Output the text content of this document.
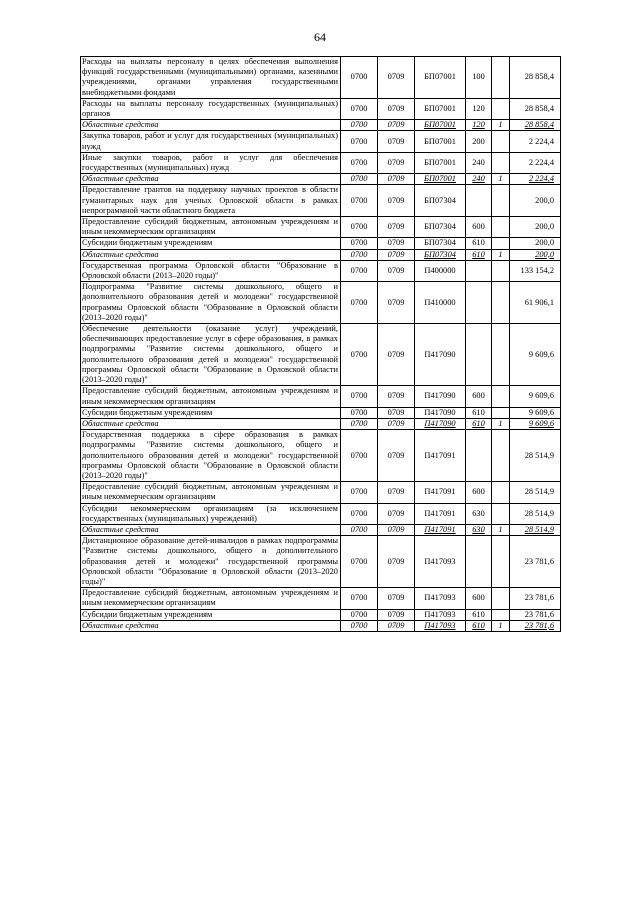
64
Расходы на выплаты персоналу в целях обеспечения выполнения функций государственными (муниципальными) органами, казенными учреждениями, органами управления государственными внебюджетными фондами	0700	0709	БП07001	100		28 858,4
Расходы на выплаты персоналу государственных (муниципальных) органов	0700	0709	БП07001	120		28 858,4
Областные средства	0700	0709	БП07001	120	1	28 858,4
Закупка товаров, работ и услуг для государственных (муниципальных) нужд	0700	0709	БП07001	200		2 224,4
Иные закупки товаров, работ и услуг для обеспечения государственных (муниципальных) нужд	0700	0709	БП07001	240		2 224,4
Областные средства	0700	0709	БП07001	240	1	2 224,4
Предоставление грантов на поддержку научных проектов в области гуманитарных наук для ученых Орловской области в рамках непрограммной части областного бюджета	0700	0709	БП07304			200,0
Предоставление субсидий бюджетным, автономным учреждениям и иным некоммерческим организациям	0700	0709	БП07304	600		200,0
Субсидии бюджетным учреждениям	0700	0709	БП07304	610		200,0
Областные средства	0700	0709	БП07304	610	1	200,0
Государственная программа Орловской области "Образование в Орловской области (2013–2020 годы)"	0700	0709	П400000			133 154,2
Подпрограмма "Развитие системы дошкольного, общего и дополнительного образования детей и молодежи" государственной программы Орловской области "Образование в Орловской области (2013–2020 годы)"	0700	0709	П410000			61 906,1
Обеспечение деятельности (оказание услуг) учреждений, обеспечивающих предоставление услуг в сфере образования, в рамках подпрограммы "Развитие системы дошкольного, общего и дополнительного образования детей и молодежи" государственной программы Орловской области "Образование в Орловской области (2013–2020 годы)"	0700	0709	П417090			9 609,6
Предоставление субсидий бюджетным, автономным учреждениям и иным некоммерческим организациям	0700	0709	П417090	600		9 609,6
Субсидии бюджетным учреждениям	0700	0709	П417090	610		9 609,6
Областные средства	0700	0709	П417090	610	1	9 609,6
Государственная поддержка в сфере образования в рамках подпрограммы "Развитие системы дошкольного, общего и дополнительного образования детей и молодежи" государственной программы Орловской области "Образование в Орловской области (2013–2020 годы)"	0700	0709	П417091			28 514,9
Предоставление субсидий бюджетным, автономным учреждениям и иным некоммерческим организациям	0700	0709	П417091	600		28 514,9
Субсидии некоммерческим организациям (за исключением государственных (муниципальных) учреждений)	0700	0709	П417091	630		28 514,9
Областные средства	0700	0709	П417091	630	1	28 514,9
Дистанционное образование детей-инвалидов в рамках подпрограммы "Развитие системы дошкольного, общего и дополнительного образования детей и молодежи" государственной программы Орловской области "Образование в Орловской области (2013–2020 годы)"	0700	0709	П417093			23 781,6
Предоставление субсидий бюджетным, автономным учреждениям и иным некоммерческим организациям	0700	0709	П417093	600		23 781,6
Субсидии бюджетным учреждениям	0700	0709	П417093	610		23 781,6
Областные средства	0700	0709	П417093	610	1	23 781,6
